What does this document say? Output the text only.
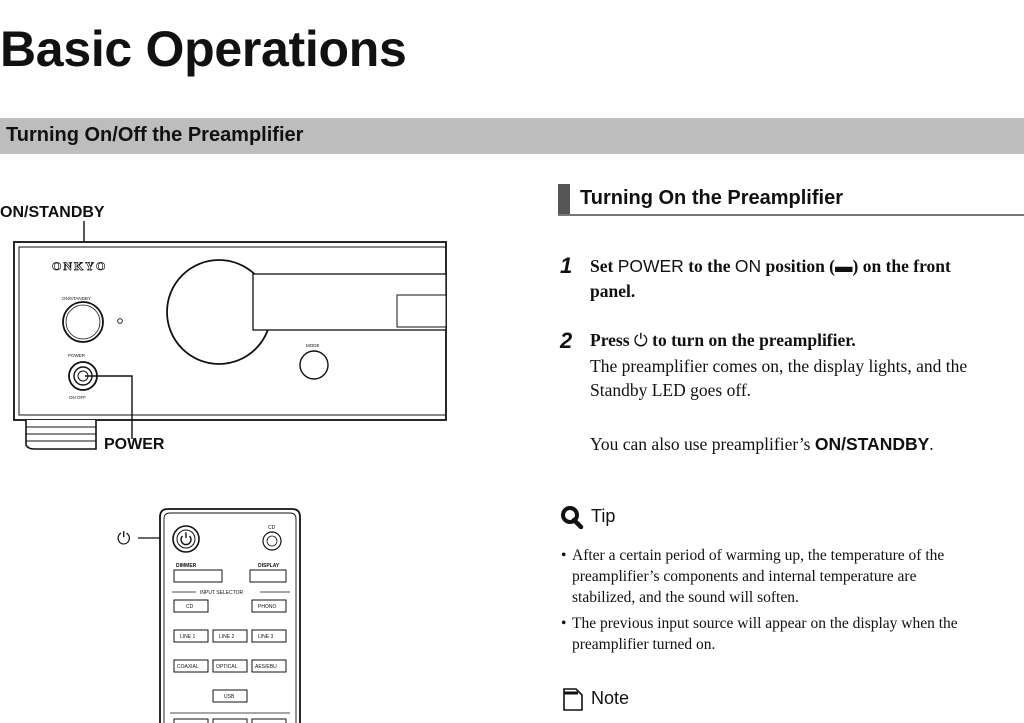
Basic Operations
Turning On/Off the Preamplifier
ON/STANDBY
POWER
ONKYO
ON/STANDBY
POWER
ON OFF
MODE
⏻
CD
DIMMER	DISPLAY
INPUT SELECTOR
CD	PHONO
LINE 1	LINE 2	LINE 3
COAXIAL	OPTICAL	AES/EBU
USB
Turning On the Preamplifier
1 Set POWER to the ON position (▬) on the front
panel.
2 Press ⏻ to turn on the preamplifier.
The preamplifier comes on, the display lights, and the
Standby LED goes off.
You can also use preamplifier’s ON/STANDBY.
Tip
• After a certain period of warming up, the temperature of the
preamplifier’s components and internal temperature are
stabilized, and the sound will soften.
• The previous input source will appear on the display when the
preamplifier turned on.
Note
